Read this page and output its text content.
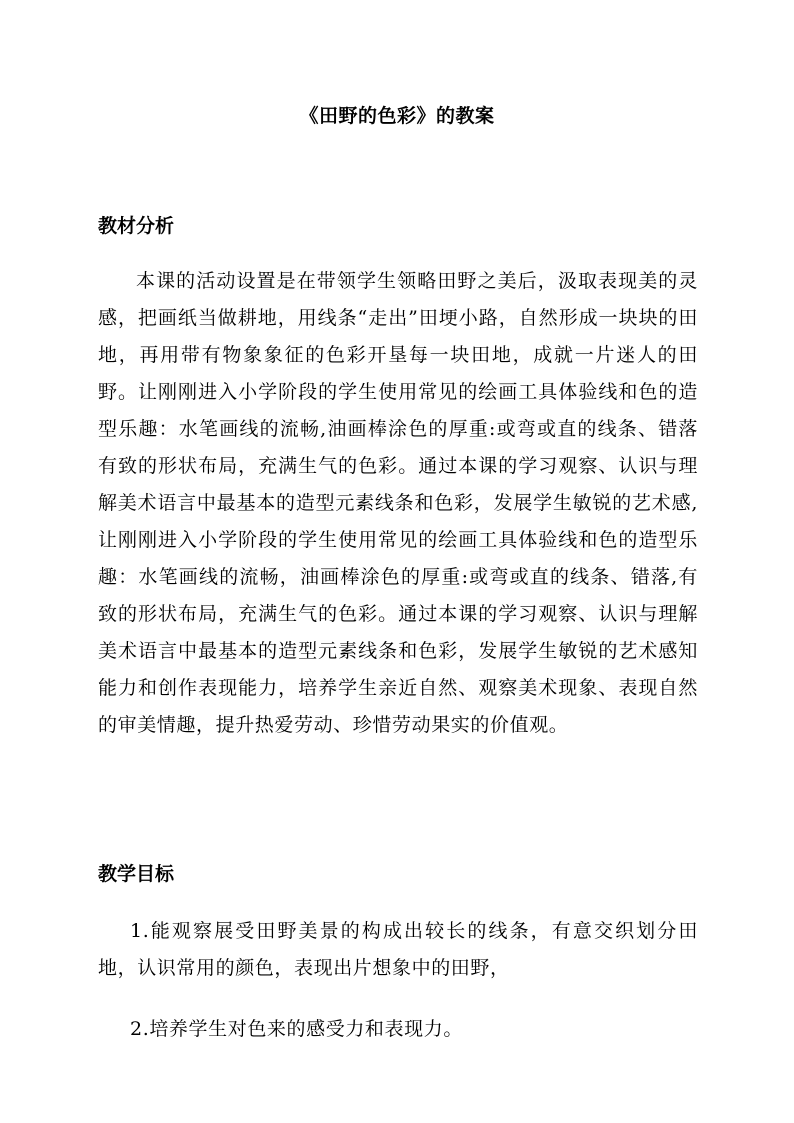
《田野的色彩》的教案
教材分析
本课的活动设置是在带领学生领略田野之美后，汲取表现美的灵感，把画纸当做耕地，用线条“走出”田埂小路，自然形成一块块的田地，再用带有物象象征的色彩开垦每一块田地，成就一片迷人的田野。让刚刚进入小学阶段的学生使用常见的绘画工具体验线和色的造型乐趣：水笔画线的流畅,油画棒涂色的厚重:或弯或直的线条、错落有致的形状布局，充满生气的色彩。通过本课的学习观察、认识与理解美术语言中最基本的造型元素线条和色彩，发展学生敏锐的艺术感,让刚刚进入小学阶段的学生使用常见的绘画工具体验线和色的造型乐趣：水笔画线的流畅，油画棒涂色的厚重:或弯或直的线条、错落,有致的形状布局，充满生气的色彩。通过本课的学习观察、认识与理解美术语言中最基本的造型元素线条和色彩，发展学生敏锐的艺术感知能力和创作表现能力，培养学生亲近自然、观察美术现象、表现自然的审美情趣，提升热爱劳动、珍惜劳动果实的价值观。
教学目标
1.能观察展受田野美景的构成出较长的线条，有意交织划分田地，认识常用的颜色，表现出片想象中的田野，
2.培养学生对色来的感受力和表现力。
